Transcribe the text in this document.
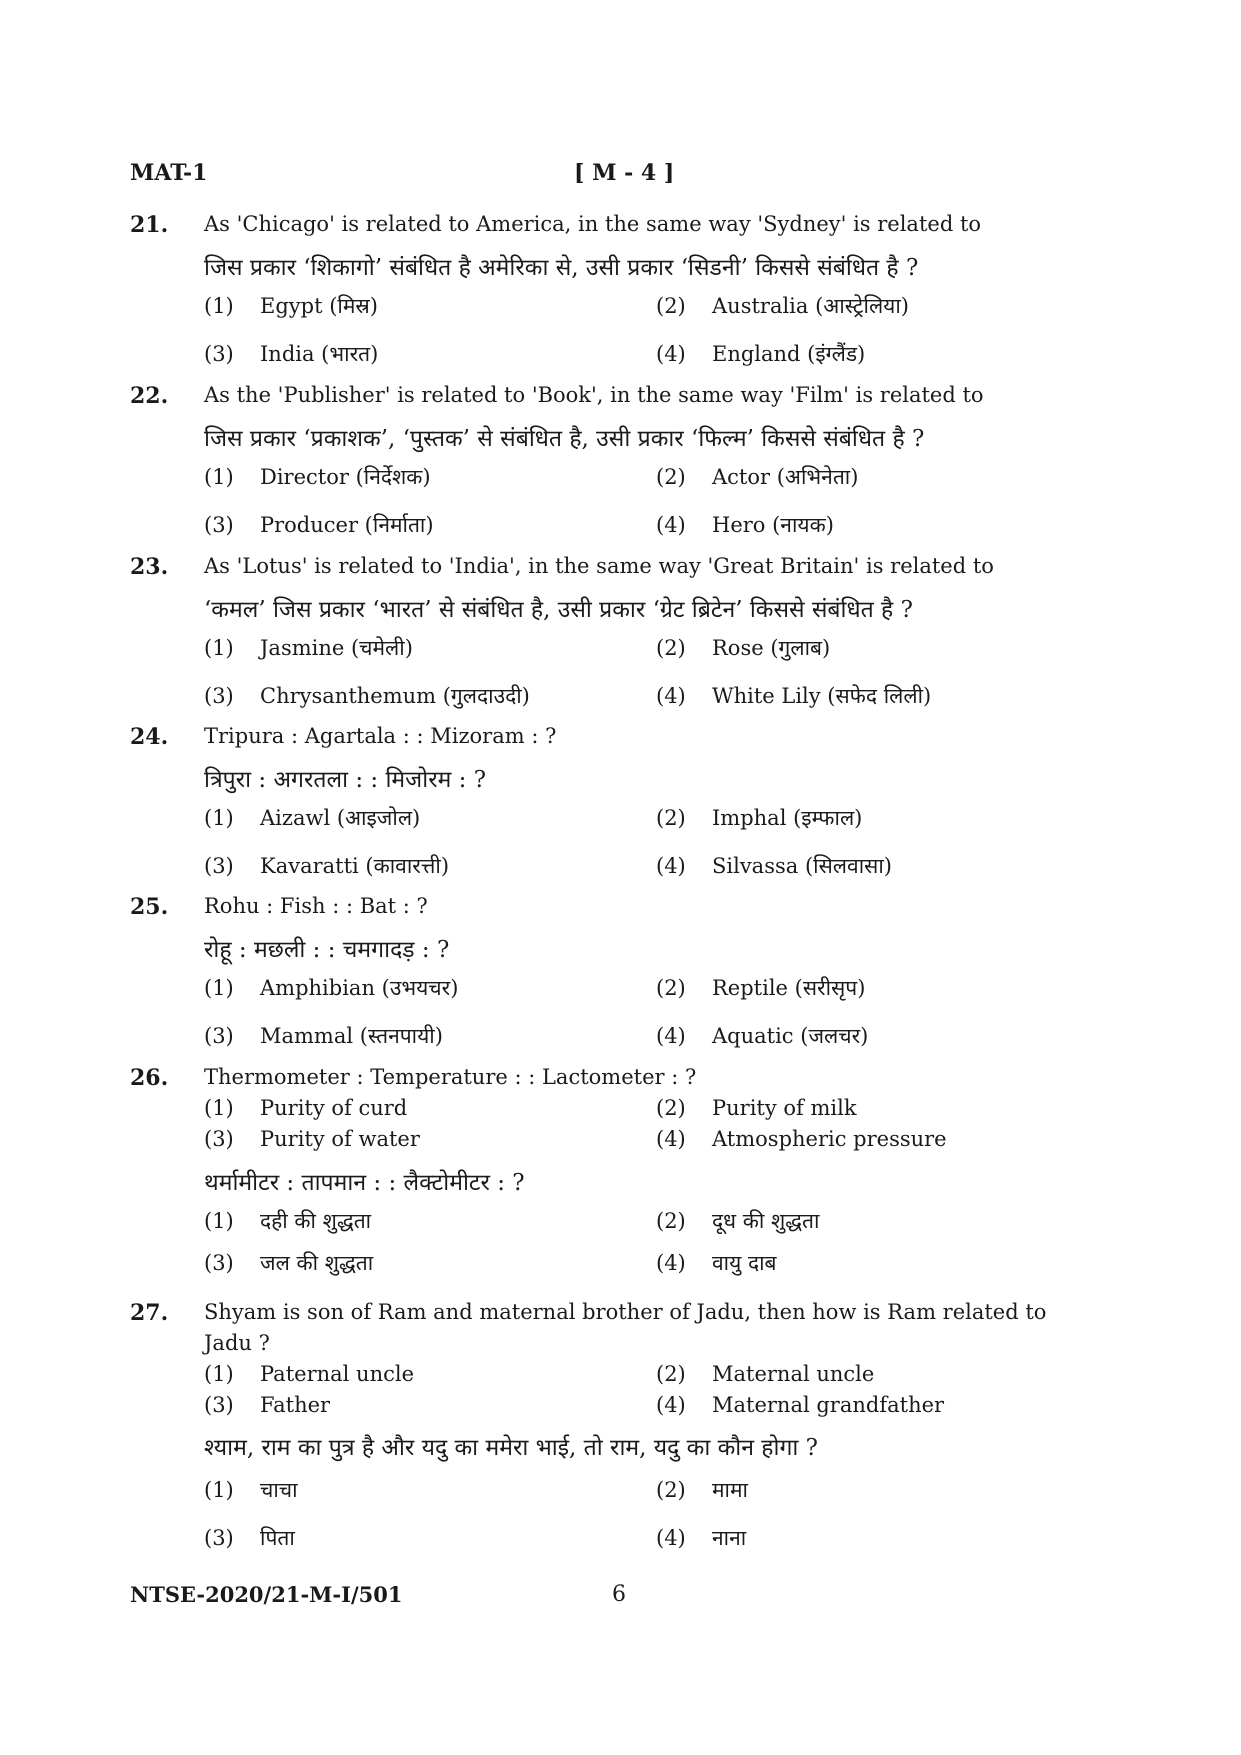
MAT-1	[ M - 4 ]
21. As 'Chicago' is related to America, in the same way 'Sydney' is related to
जिस प्रकार ‘शिकागो’ संबंधित है अमेरिका से, उसी प्रकार ‘सिडनी’ किससे संबंधित है ?
(1) Egypt (मिस्र)	(2) Australia (आस्ट्रेलिया)
(3) India (भारत)	(4) England (इंग्लैंड)
22. As the 'Publisher' is related to 'Book', in the same way 'Film' is related to
जिस प्रकार ‘प्रकाशक’, ‘पुस्तक’ से संबंधित है, उसी प्रकार ‘फिल्म’ किससे संबंधित है ?
(1) Director (निर्देशक)	(2) Actor (अभिनेता)
(3) Producer (निर्माता)	(4) Hero (नायक)
23. As 'Lotus' is related to 'India', in the same way 'Great Britain' is related to
‘कमल’ जिस प्रकार ‘भारत’ से संबंधित है, उसी प्रकार ‘ग्रेट ब्रिटेन’ किससे संबंधित है ?
(1) Jasmine (चमेली)	(2) Rose (गुलाब)
(3) Chrysanthemum (गुलदाउदी)	(4) White Lily (सफेद लिली)
24. Tripura : Agartala : : Mizoram : ?
त्रिपुरा : अगरतला : : मिजोरम : ?
(1) Aizawl (आइजोल)	(2) Imphal (इम्फाल)
(3) Kavaratti (कावारत्ती)	(4) Silvassa (सिलवासा)
25. Rohu : Fish : : Bat : ?
रोहू : मछली : : चमगादड़ : ?
(1) Amphibian (उभयचर)	(2) Reptile (सरीसृप)
(3) Mammal (स्तनपायी)	(4) Aquatic (जलचर)
26. Thermometer : Temperature : : Lactometer : ?
(1) Purity of curd	(2) Purity of milk
(3) Purity of water	(4) Atmospheric pressure
थर्मामीटर : तापमान : : लैक्टोमीटर : ?
(1) दही की शुद्धता	(2) दूध की शुद्धता
(3) जल की शुद्धता	(4) वायु दाब
27. Shyam is son of Ram and maternal brother of Jadu, then how is Ram related to
Jadu ?
(1) Paternal uncle	(2) Maternal uncle
(3) Father	(4) Maternal grandfather
श्याम, राम का पुत्र है और यदु का ममेरा भाई, तो राम, यदु का कौन होगा ?
(1) चाचा	(2) मामा
(3) पिता	(4) नाना
NTSE-2020/21-M-I/501	6
